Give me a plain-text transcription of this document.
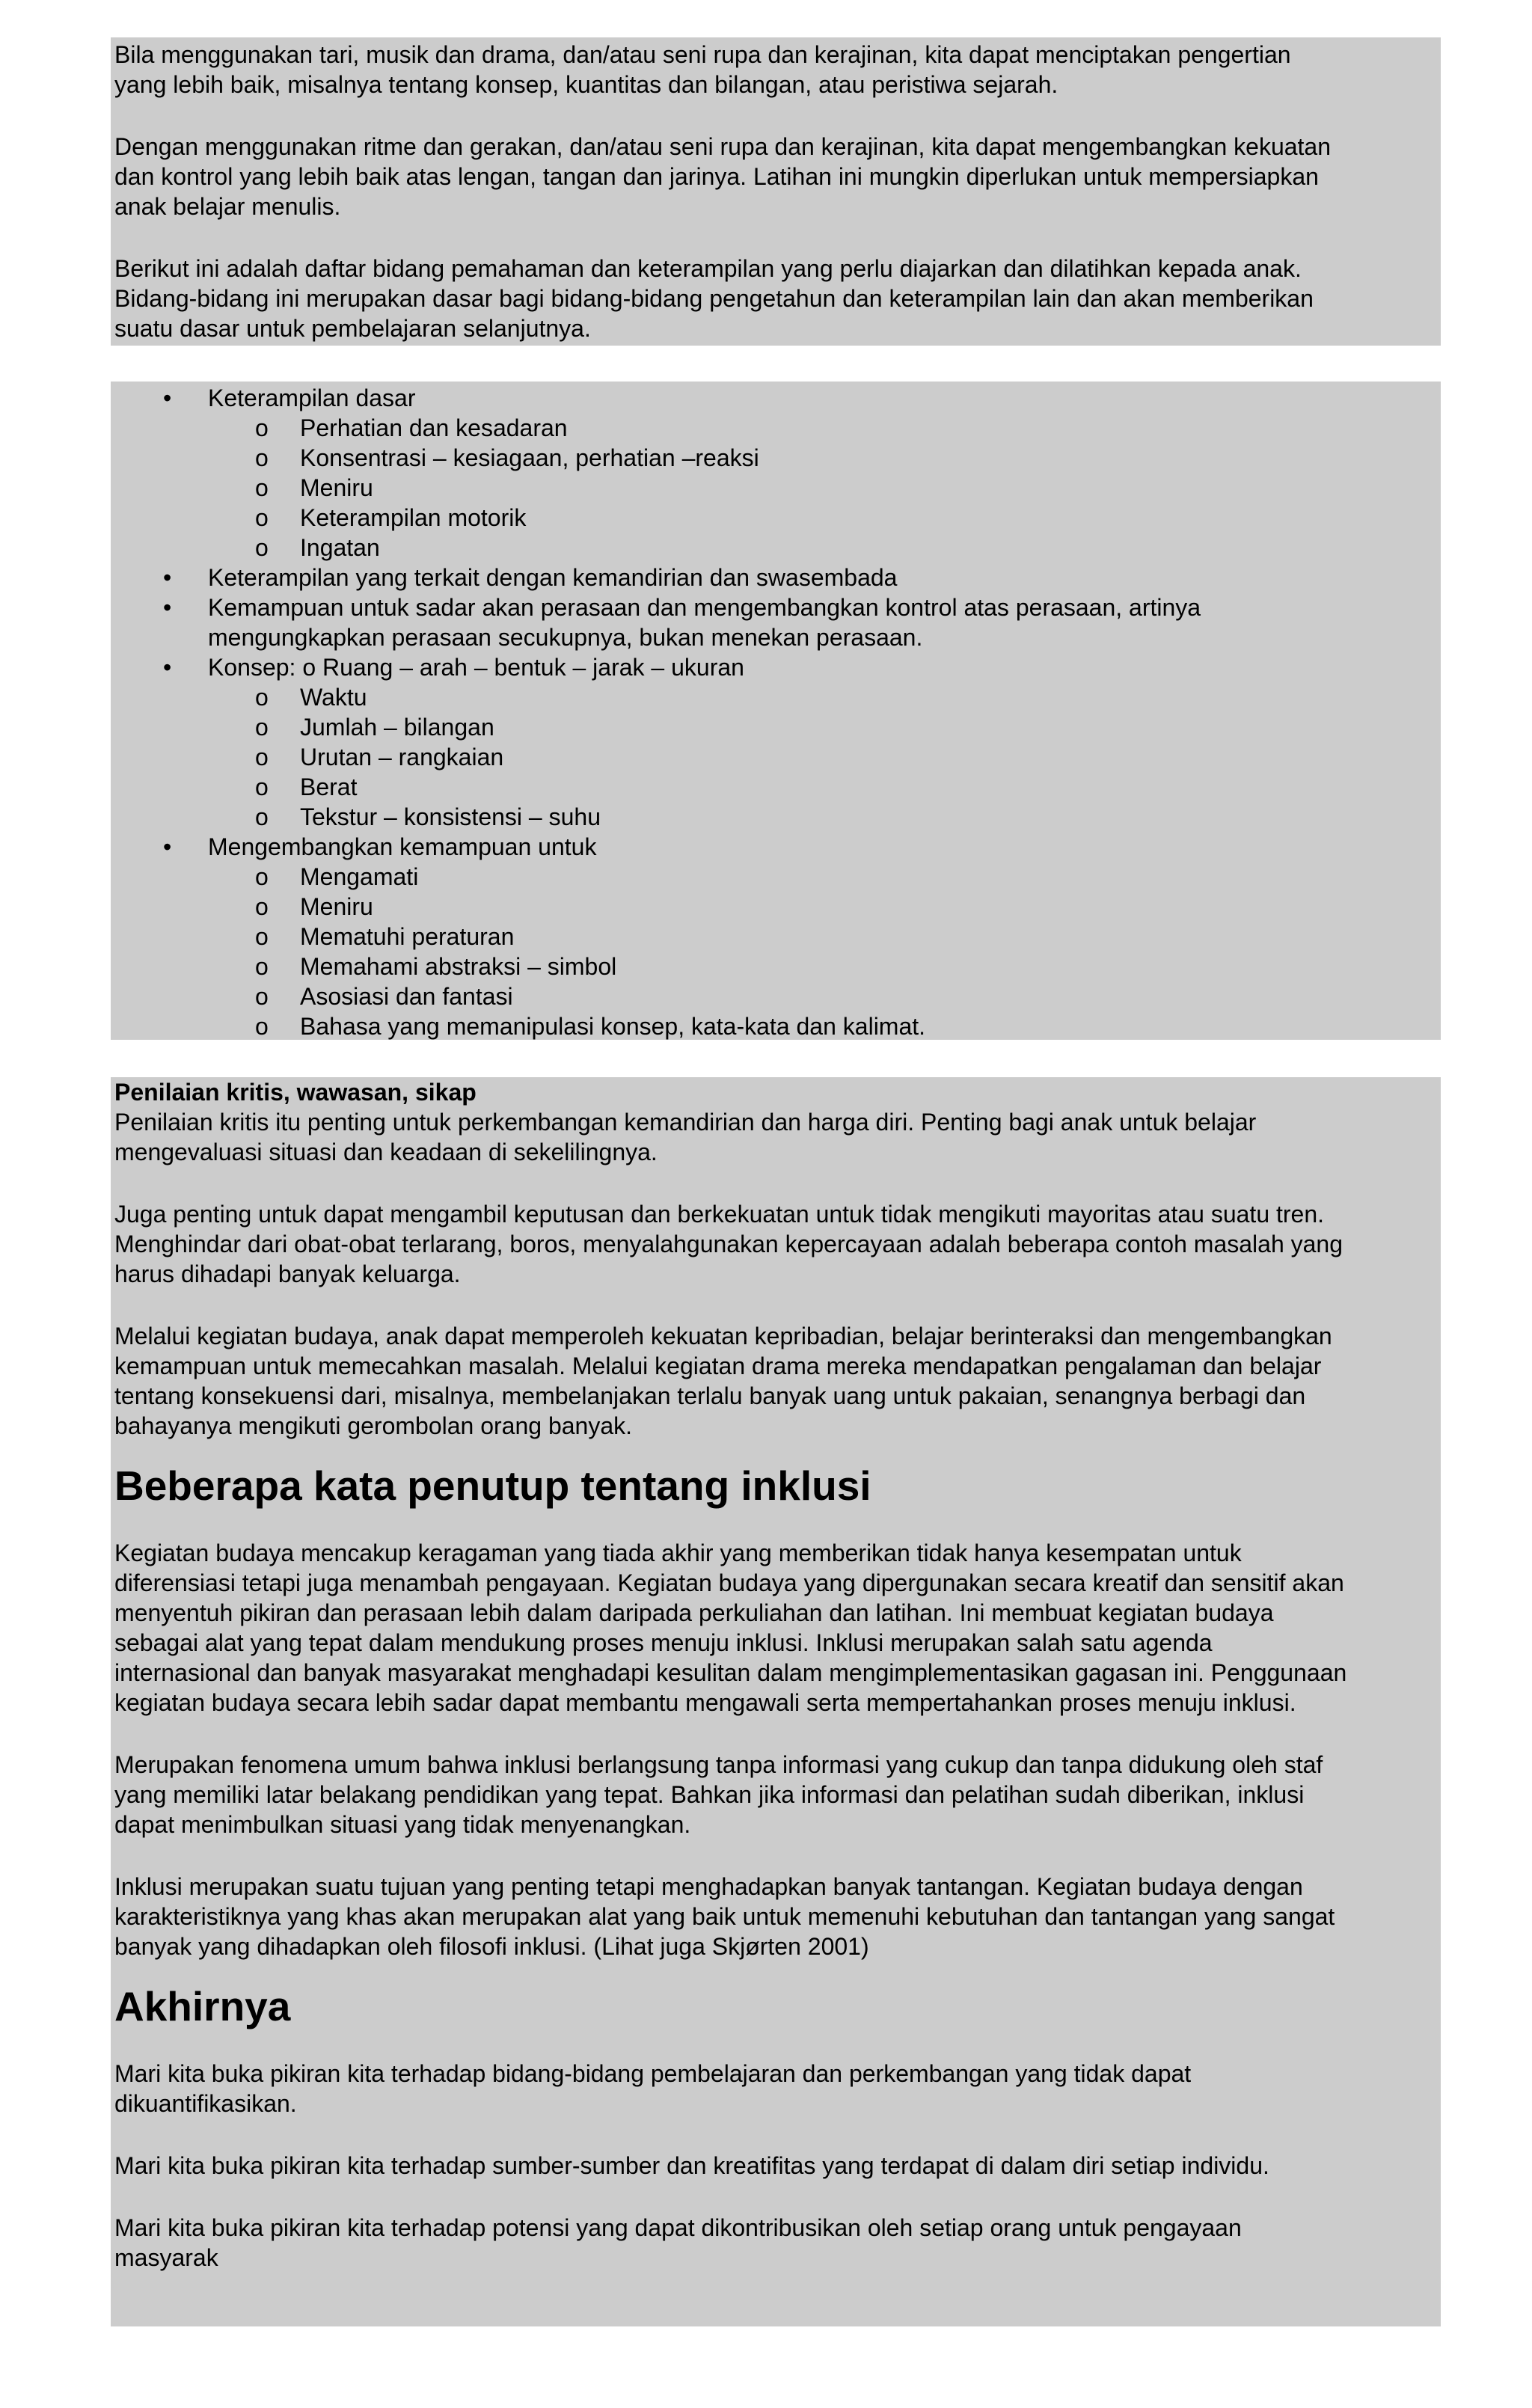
Bila menggunakan tari, musik dan drama, dan/atau seni rupa dan kerajinan, kita dapat menciptakan pengertian

yang lebih baik, misalnya tentang konsep, kuantitas dan bilangan, atau peristiwa sejarah.

Dengan menggunakan ritme dan gerakan, dan/atau seni rupa dan kerajinan, kita dapat mengembangkan kekuatan

dan kontrol yang lebih baik atas lengan, tangan dan jarinya. Latihan ini mungkin diperlukan untuk mempersiapkan

anak belajar menulis.

Berikut ini adalah daftar bidang pemahaman dan keterampilan yang perlu diajarkan dan dilatihkan kepada anak.

Bidang-bidang ini merupakan dasar bagi bidang-bidang pengetahun dan keterampilan lain dan akan memberikan

suatu dasar untuk pembelajaran selanjutnya.

• Keterampilan dasar
o Perhatian dan kesadaran
o Konsentrasi – kesiagaan, perhatian –reaksi
o Meniru
o Keterampilan motorik
o Ingatan
• Keterampilan yang terkait dengan kemandirian dan swasembada
• Kemampuan untuk sadar akan perasaan dan mengembangkan kontrol atas perasaan, artinya
mengungkapkan perasaan secukupnya, bukan menekan perasaan.
• Konsep: o Ruang – arah – bentuk – jarak – ukuran
o Waktu
o Jumlah – bilangan
o Urutan – rangkaian
o Berat
o Tekstur – konsistensi – suhu
• Mengembangkan kemampuan untuk
o Mengamati
o Meniru
o Mematuhi peraturan
o Memahami abstraksi – simbol
o Asosiasi dan fantasi
o Bahasa yang memanipulasi konsep, kata-kata dan kalimat.

Penilaian kritis, wawasan, sikap

Penilaian kritis itu penting untuk perkembangan kemandirian dan harga diri. Penting bagi anak untuk belajar

mengevaluasi situasi dan keadaan di sekelilingnya.

Juga penting untuk dapat mengambil keputusan dan berkekuatan untuk tidak mengikuti mayoritas atau suatu tren.

Menghindar dari obat-obat terlarang, boros, menyalahgunakan kepercayaan adalah beberapa contoh masalah yang

harus dihadapi banyak keluarga.

Melalui kegiatan budaya, anak dapat memperoleh kekuatan kepribadian, belajar berinteraksi dan mengembangkan

kemampuan untuk memecahkan masalah. Melalui kegiatan drama mereka mendapatkan pengalaman dan belajar

tentang konsekuensi dari, misalnya, membelanjakan terlalu banyak uang untuk pakaian, senangnya berbagi dan

bahayanya mengikuti gerombolan orang banyak.

Beberapa kata penutup tentang inklusi

Kegiatan budaya mencakup keragaman yang tiada akhir yang memberikan tidak hanya kesempatan untuk

diferensiasi tetapi juga menambah pengayaan. Kegiatan budaya yang dipergunakan secara kreatif dan sensitif akan

menyentuh pikiran dan perasaan lebih dalam daripada perkuliahan dan latihan. Ini membuat kegiatan budaya

sebagai alat yang tepat dalam mendukung proses menuju inklusi. Inklusi merupakan salah satu agenda

internasional dan banyak masyarakat menghadapi kesulitan dalam mengimplementasikan gagasan ini. Penggunaan

kegiatan budaya secara lebih sadar dapat membantu mengawali serta mempertahankan proses menuju inklusi.

Merupakan fenomena umum bahwa inklusi berlangsung tanpa informasi yang cukup dan tanpa didukung oleh staf

yang memiliki latar belakang pendidikan yang tepat. Bahkan jika informasi dan pelatihan sudah diberikan, inklusi

dapat menimbulkan situasi yang tidak menyenangkan.

Inklusi merupakan suatu tujuan yang penting tetapi menghadapkan banyak tantangan. Kegiatan budaya dengan

karakteristiknya yang khas akan merupakan alat yang baik untuk memenuhi kebutuhan dan tantangan yang sangat

banyak yang dihadapkan oleh filosofi inklusi. (Lihat juga Skjørten 2001)

Akhirnya

Mari kita buka pikiran kita terhadap bidang-bidang pembelajaran dan perkembangan yang tidak dapat

dikuantifikasikan.

Mari kita buka pikiran kita terhadap sumber-sumber dan kreatifitas yang terdapat di dalam diri setiap individu.

Mari kita buka pikiran kita terhadap potensi yang dapat dikontribusikan oleh setiap orang untuk pengayaan

masyarak
